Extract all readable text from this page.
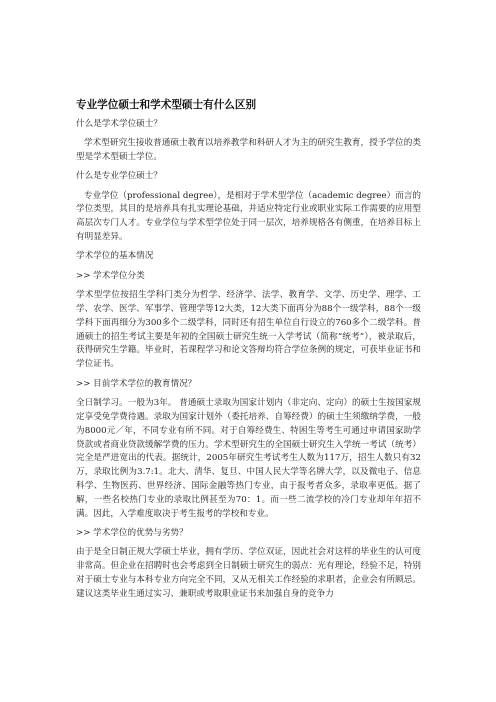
专业学位硕士和学术型硕士有什么区别
什么是学术学位硕士？
学术型研究生接收普通硕士教育以培养教学和科研人才为主的研究生教育，授予学位的类型是学术型硕士学位。
什么是专业学位硕士？
专业学位（professional degree），是相对于学术型学位（academic degree）而言的学位类型，其目的是培养具有扎实理论基础，并适应特定行业或职业实际工作需要的应用型高层次专门人才。专业学位与学术型学位处于同一层次，培养规格各有侧重，在培养目标上有明显差异。
学术学位的基本情况
>> 学术学位分类
学术型学位按招生学科门类分为哲学、经济学、法学、教育学、文学、历史学、理学、工学、农学、医学、军事学、管理学等12大类，12大类下面再分为88个一级学科，88个一级学科下面再细分为300多个二级学科，同时还有招生单位自行设立的760多个二级学科。普通硕士的招生考试主要是年初的全国硕士研究生统一入学考试（简称“统考”），被录取后，获得研究生学籍。毕业时，若课程学习和论文答辩均符合学位条例的规定，可获毕业证书和学位证书。
>> 目前学术学位的教育情况？
全日制学习。一般为3年。 普通硕士录取为国家计划内（非定向、定向）的硕士生按国家规定享受免学费待遇。录取为国家计划外（委托培养、自筹经费）的硕士生须缴纳学费，一般为8000元／年，不同专业有所不同。对于自筹经费生、特困生等考生可通过申请国家助学贷款或者商业贷款缓解学费的压力。学术型研究生的全国硕士研究生入学统一考试（统考）完全是严进宽出的代表。据统计，2005年研究生考试考生人数为117万，招生人数只有32万，录取比例为3.7:1。北大、清华、复旦、中国人民大学等名牌大学，以及微电子、信息科学、生物医药、世界经济、国际金融等热门专业，由于报考者众多，录取率更低。据了解，一些名校热门专业的录取比例甚至为70：1。而一些二流学校的冷门专业却年年招不满。因此，入学难度取决于考生报考的学校和专业。
>> 学术学位的优势与劣势？
由于是全日制正规大学硕士毕业，拥有学历、学位双证，因此社会对这样的毕业生的认可度非常高。但企业在招聘时也会考虑到全日制硕士研究生的弱点：光有理论，经验不足，特别对于硕士专业与本科专业方向完全不同，又从无相关工作经验的求职者，企业会有所顾忌。建议这类毕业生通过实习、兼职或考取职业证书来加强自身的竞争力
